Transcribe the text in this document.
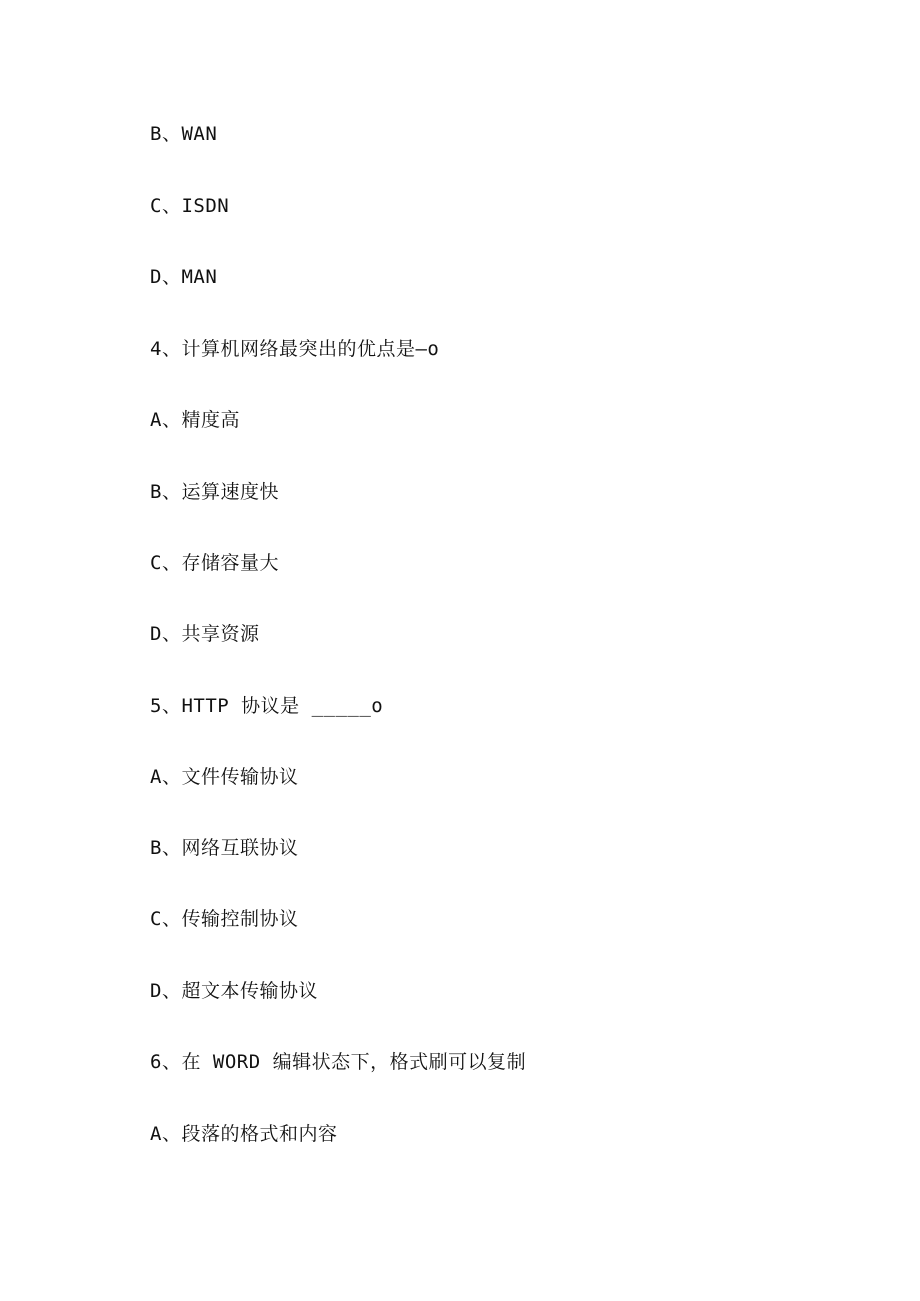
B、WAN
C、ISDN
D、MAN
4、计算机网络最突出的优点是—o
A、精度高
B、运算速度快
C、存储容量大
D、共享资源
5、HTTP 协议是 _____o
A、文件传输协议
B、网络互联协议
C、传输控制协议
D、超文本传输协议
6、在 WORD 编辑状态下，格式刷可以复制
A、段落的格式和内容
